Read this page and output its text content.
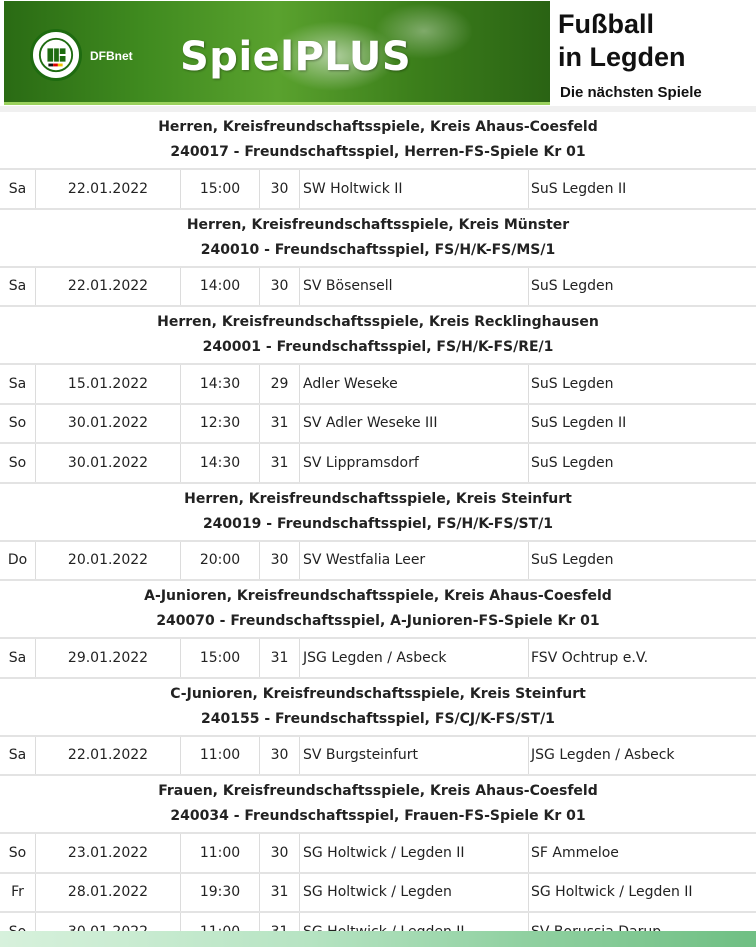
DFBnet SpielPLUS
Fußball
in Legden
Die nächsten Spiele
Herren, Kreisfreundschaftsspiele, Kreis Ahaus-Coesfeld
240017 - Freundschaftsspiel, Herren-FS-Spiele Kr 01
Sa	22.01.2022	15:00	30	SW Holtwick II	SuS Legden II
Herren, Kreisfreundschaftsspiele, Kreis Münster
240010 - Freundschaftsspiel, FS/H/K-FS/MS/1
Sa	22.01.2022	14:00	30	SV Bösensell	SuS Legden
Herren, Kreisfreundschaftsspiele, Kreis Recklinghausen
240001 - Freundschaftsspiel, FS/H/K-FS/RE/1
Sa	15.01.2022	14:30	29	Adler Weseke	SuS Legden
So	30.01.2022	12:30	31	SV Adler Weseke III	SuS Legden II
So	30.01.2022	14:30	31	SV Lippramsdorf	SuS Legden
Herren, Kreisfreundschaftsspiele, Kreis Steinfurt
240019 - Freundschaftsspiel, FS/H/K-FS/ST/1
Do	20.01.2022	20:00	30	SV Westfalia Leer	SuS Legden
A-Junioren, Kreisfreundschaftsspiele, Kreis Ahaus-Coesfeld
240070 - Freundschaftsspiel, A-Junioren-FS-Spiele Kr 01
Sa	29.01.2022	15:00	31	JSG Legden / Asbeck	FSV Ochtrup e.V.
C-Junioren, Kreisfreundschaftsspiele, Kreis Steinfurt
240155 - Freundschaftsspiel, FS/CJ/K-FS/ST/1
Sa	22.01.2022	11:00	30	SV Burgsteinfurt	JSG Legden / Asbeck
Frauen, Kreisfreundschaftsspiele, Kreis Ahaus-Coesfeld
240034 - Freundschaftsspiel, Frauen-FS-Spiele Kr 01
So	23.01.2022	11:00	30	SG Holtwick / Legden II	SF Ammeloe
Fr	28.01.2022	19:30	31	SG Holtwick / Legden	SG Holtwick / Legden II
